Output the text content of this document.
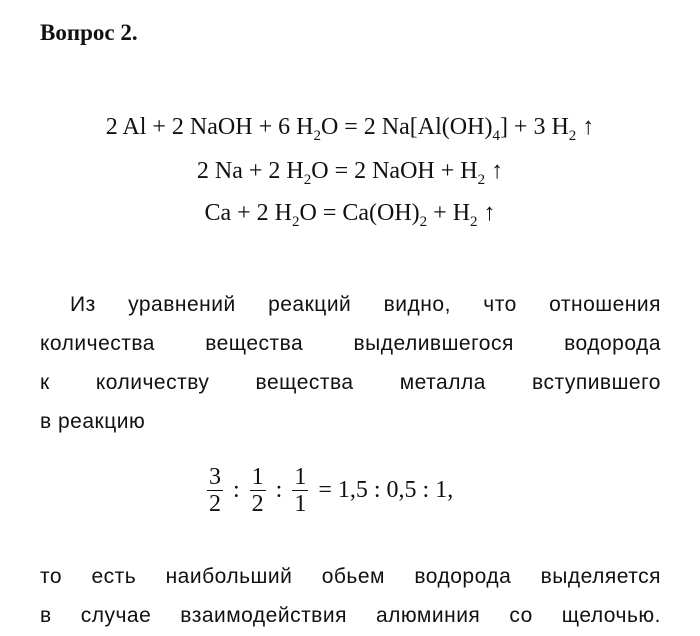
Вопрос 2.
2 Al + 2 NaOH + 6 $H_2O = 2$ $Na[Al(OH)_4] + 3$ $H_2$ ↑
2 Na + 2 $H_2O = 2$ NaOH + $H_2$ ↑
Ca + 2 $H_2O = Ca(OH)_2 + H_2$ ↑
Из уравнений реакций видно, что отношения
количества вещества выделившегося водорода
к количеству вещества металла вступившего
в реакцию
$\frac{3}{2}$ : $\frac{1}{2}$ : $\frac{1}{1} = 1,5$ : 0,5 : 1,
то есть наибольший обьем водорода выделяется
в случае взаимодействия алюминия со щелочью.
